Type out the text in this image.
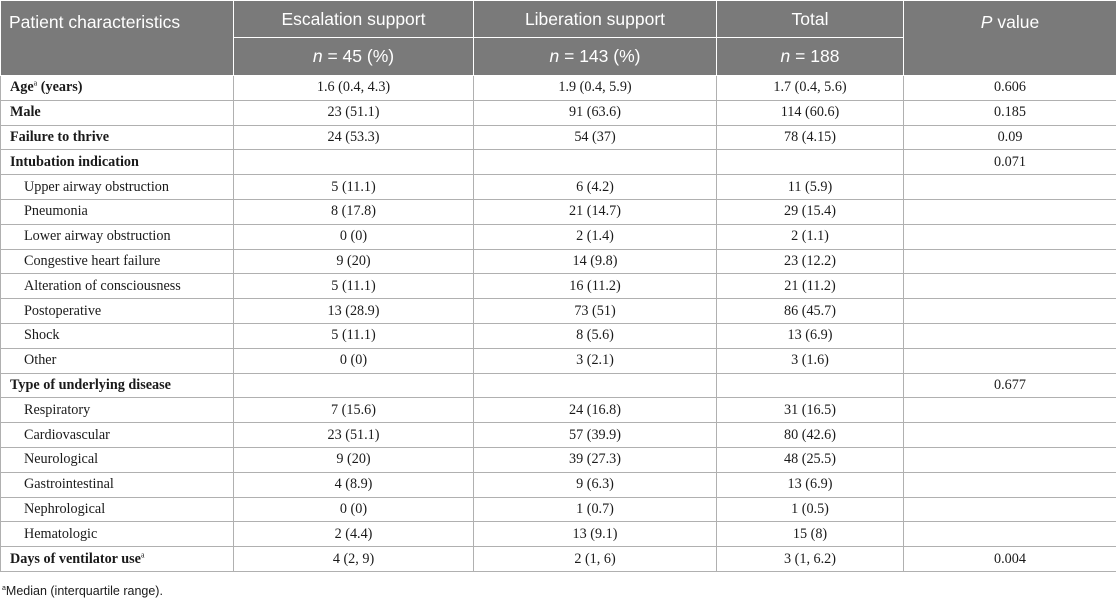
Patient characteristics	Escalation support	Liberation support	Total	P value
	n = 45 (%)	n = 143 (%)	n = 188	
Age$^a$ (years)	1.6 (0.4, 4.3)	1.9 (0.4, 5.9)	1.7 (0.4, 5.6)	0.606
Male	23 (51.1)	91 (63.6)	114 (60.6)	0.185
Failure to thrive	24 (53.3)	54 (37)	78 (4.15)	0.09
Intubation indication				0.071
Upper airway obstruction	5 (11.1)	6 (4.2)	11 (5.9)	
Pneumonia	8 (17.8)	21 (14.7)	29 (15.4)	
Lower airway obstruction	0 (0)	2 (1.4)	2 (1.1)	
Congestive heart failure	9 (20)	14 (9.8)	23 (12.2)	
Alteration of consciousness	5 (11.1)	16 (11.2)	21 (11.2)	
Postoperative	13 (28.9)	73 (51)	86 (45.7)	
Shock	5 (11.1)	8 (5.6)	13 (6.9)	
Other	0 (0)	3 (2.1)	3 (1.6)	
Type of underlying disease				0.677
Respiratory	7 (15.6)	24 (16.8)	31 (16.5)	
Cardiovascular	23 (51.1)	57 (39.9)	80 (42.6)	
Neurological	9 (20)	39 (27.3)	48 (25.5)	
Gastrointestinal	4 (8.9)	9 (6.3)	13 (6.9)	
Nephrological	0 (0)	1 (0.7)	1 (0.5)	
Hematologic	2 (4.4)	13 (9.1)	15 (8)	
Days of ventilator use$^a$	4 (2, 9)	2 (1, 6)	3 (1, 6.2)	0.004
$^a$Median (interquartile range).
